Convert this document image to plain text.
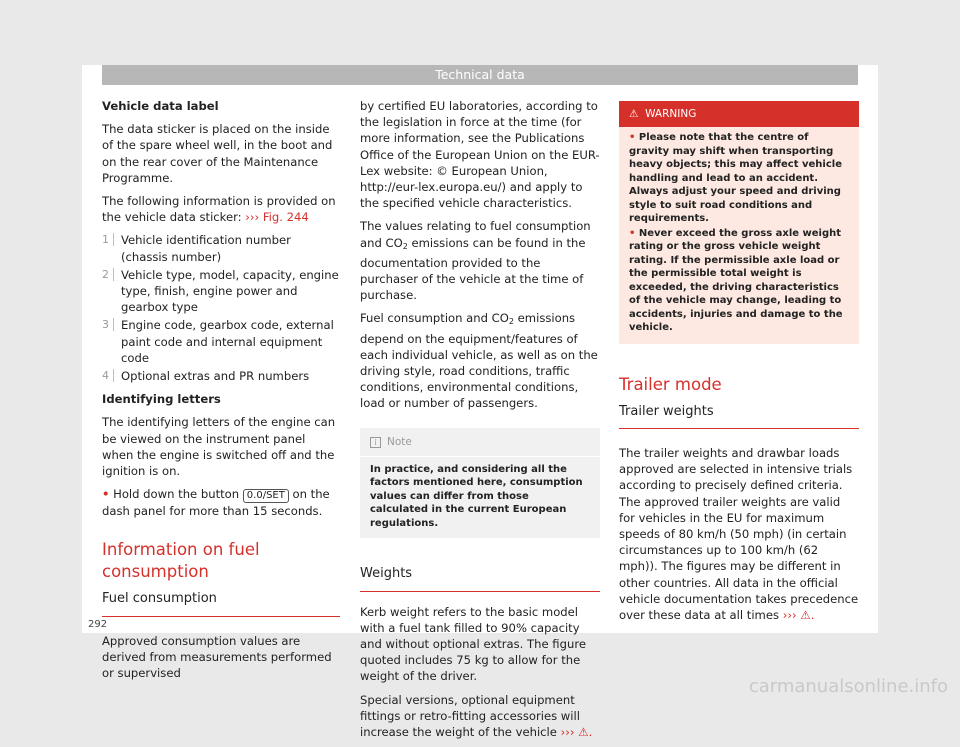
Technical data

Vehicle data label

The data sticker is placed on the inside of the spare wheel well, in the boot and on the rear cover of the Maintenance Programme.

The following information is provided on the vehicle data sticker: ››› Fig. 244

1	Vehicle identification number (chassis number)
2	Vehicle type, model, capacity, engine type, finish, engine power and gearbox type
3	Engine code, gearbox code, external paint code and internal equipment code
4	Optional extras and PR numbers

Identifying letters

The identifying letters of the engine can be viewed on the instrument panel when the engine is switched off and the ignition is on.

• Hold down the button 0.0/SET on the dash panel for more than 15 seconds.

Information on fuel consumption
Fuel consumption

Approved consumption values are derived from measurements performed or supervised

by certified EU laboratories, according to the legislation in force at the time (for more information, see the Publications Office of the European Union on the EUR-Lex website: © European Union, http://eur-lex.europa.eu/) and apply to the specified vehicle characteristics.

The values relating to fuel consumption and CO2 emissions can be found in the documentation provided to the purchaser of the vehicle at the time of purchase.

Fuel consumption and CO2 emissions depend on the equipment/features of each individual vehicle, as well as on the driving style, road conditions, traffic conditions, environmental conditions, load or number of passengers.

i Note
In practice, and considering all the factors mentioned here, consumption values can differ from those calculated in the current European regulations.
Weights

Kerb weight refers to the basic model with a fuel tank filled to 90% capacity and without optional extras. The figure quoted includes 75 kg to allow for the weight of the driver.

Special versions, optional equipment fittings or retro-fitting accessories will increase the weight of the vehicle ››› ⚠.

⚠ WARNING
• Please note that the centre of gravity may shift when transporting heavy objects; this may affect vehicle handling and lead to an accident. Always adjust your speed and driving style to suit road conditions and requirements.
• Never exceed the gross axle weight rating or the gross vehicle weight rating. If the permissible axle load or the permissible total weight is exceeded, the driving characteristics of the vehicle may change, leading to accidents, injuries and damage to the vehicle.
Trailer mode
Trailer weights

The trailer weights and drawbar loads approved are selected in intensive trials according to precisely defined criteria. The approved trailer weights are valid for vehicles in the EU for maximum speeds of 80 km/h (50 mph) (in certain circumstances up to 100 km/h (62 mph)). The figures may be different in other countries. All data in the official vehicle documentation takes precedence over these data at all times ››› ⚠.

292
carmanualsonline.info
